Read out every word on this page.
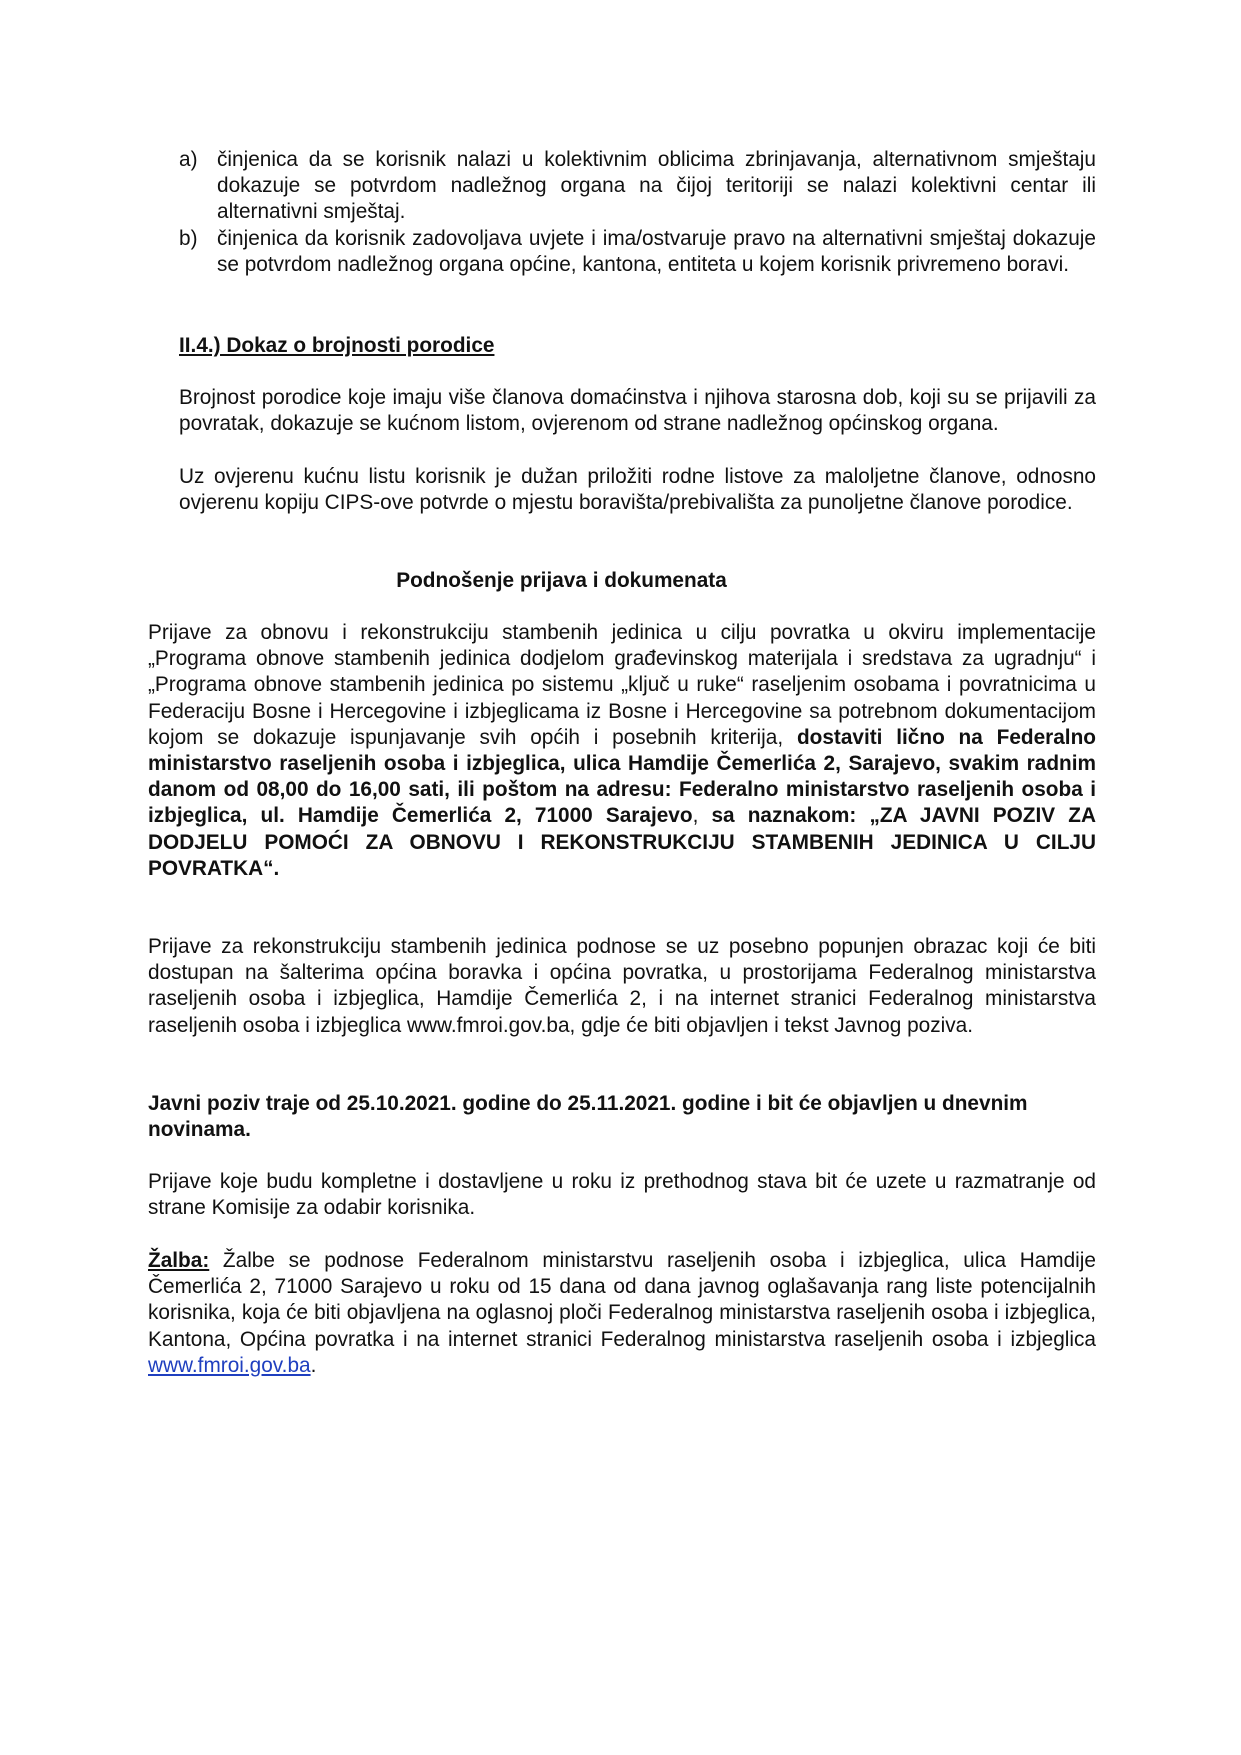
a) činjenica da se korisnik nalazi u kolektivnim oblicima zbrinjavanja, alternativnom smještaju dokazuje se potvrdom nadležnog organa na čijoj teritoriji se nalazi kolektivni centar ili alternativni smještaj.
b) činjenica da korisnik zadovoljava uvjete i ima/ostvaruje pravo na alternativni smještaj dokazuje se potvrdom nadležnog organa općine, kantona, entiteta u kojem korisnik privremeno boravi.
II.4.) Dokaz o brojnosti porodice
Brojnost porodice koje imaju više članova domaćinstva i njihova starosna dob, koji su se prijavili za povratak, dokazuje se kućnom listom, ovjerenom od strane nadležnog općinskog organa.
Uz ovjerenu kućnu listu korisnik je dužan priložiti rodne listove za maloljetne članove, odnosno ovjerenu kopiju CIPS-ove potvrde o mjestu boravišta/prebivališta za punoljetne članove porodice.
Podnošenje prijava i dokumenata
Prijave za obnovu i rekonstrukciju stambenih jedinica u cilju povratka u okviru implementacije „Programa obnove stambenih jedinica dodjelom građevinskog materijala i sredstava za ugradnju“ i „Programa obnove stambenih jedinica po sistemu „ključ u ruke“ raseljenim osobama i povratnicima u Federaciju Bosne i Hercegovine i izbjeglicama iz Bosne i Hercegovine sa potrebnom dokumentacijom kojom se dokazuje ispunjavanje svih općih i posebnih kriterija, dostaviti lično na Federalno ministarstvo raseljenih osoba i izbjeglica, ulica Hamdije Čemerlića 2, Sarajevo, svakim radnim danom od 08,00 do 16,00 sati, ili poštom na adresu: Federalno ministarstvo raseljenih osoba i izbjeglica, ul. Hamdije Čemerlića 2, 71000 Sarajevo, sa naznakom: „ZA JAVNI POZIV ZA DODJELU POMOĆI ZA OBNOVU I REKONSTRUKCIJU STAMBENIH JEDINICA U CILJU POVRATKA“.
Prijave za rekonstrukciju stambenih jedinica podnose se uz posebno popunjen obrazac koji će biti dostupan na šalterima općina boravka i općina povratka, u prostorijama Federalnog ministarstva raseljenih osoba i izbjeglica, Hamdije Čemerlića 2, i na internet stranici Federalnog ministarstva raseljenih osoba i izbjeglica www.fmroi.gov.ba, gdje će biti objavljen i tekst Javnog poziva.
Javni poziv traje od 25.10.2021. godine do 25.11.2021. godine i bit će objavljen u dnevnim novinama.
Prijave koje budu kompletne i dostavljene u roku iz prethodnog stava bit će uzete u razmatranje od strane Komisije za odabir korisnika.
Žalba: Žalbe se podnose Federalnom ministarstvu raseljenih osoba i izbjeglica, ulica Hamdije Čemerlića 2, 71000 Sarajevo u roku od 15 dana od dana javnog oglašavanja rang liste potencijalnih korisnika, koja će biti objavljena na oglasnoj ploči Federalnog ministarstva raseljenih osoba i izbjeglica, Kantona, Općina povratka i na internet stranici Federalnog ministarstva raseljenih osoba i izbjeglica www.fmroi.gov.ba.
